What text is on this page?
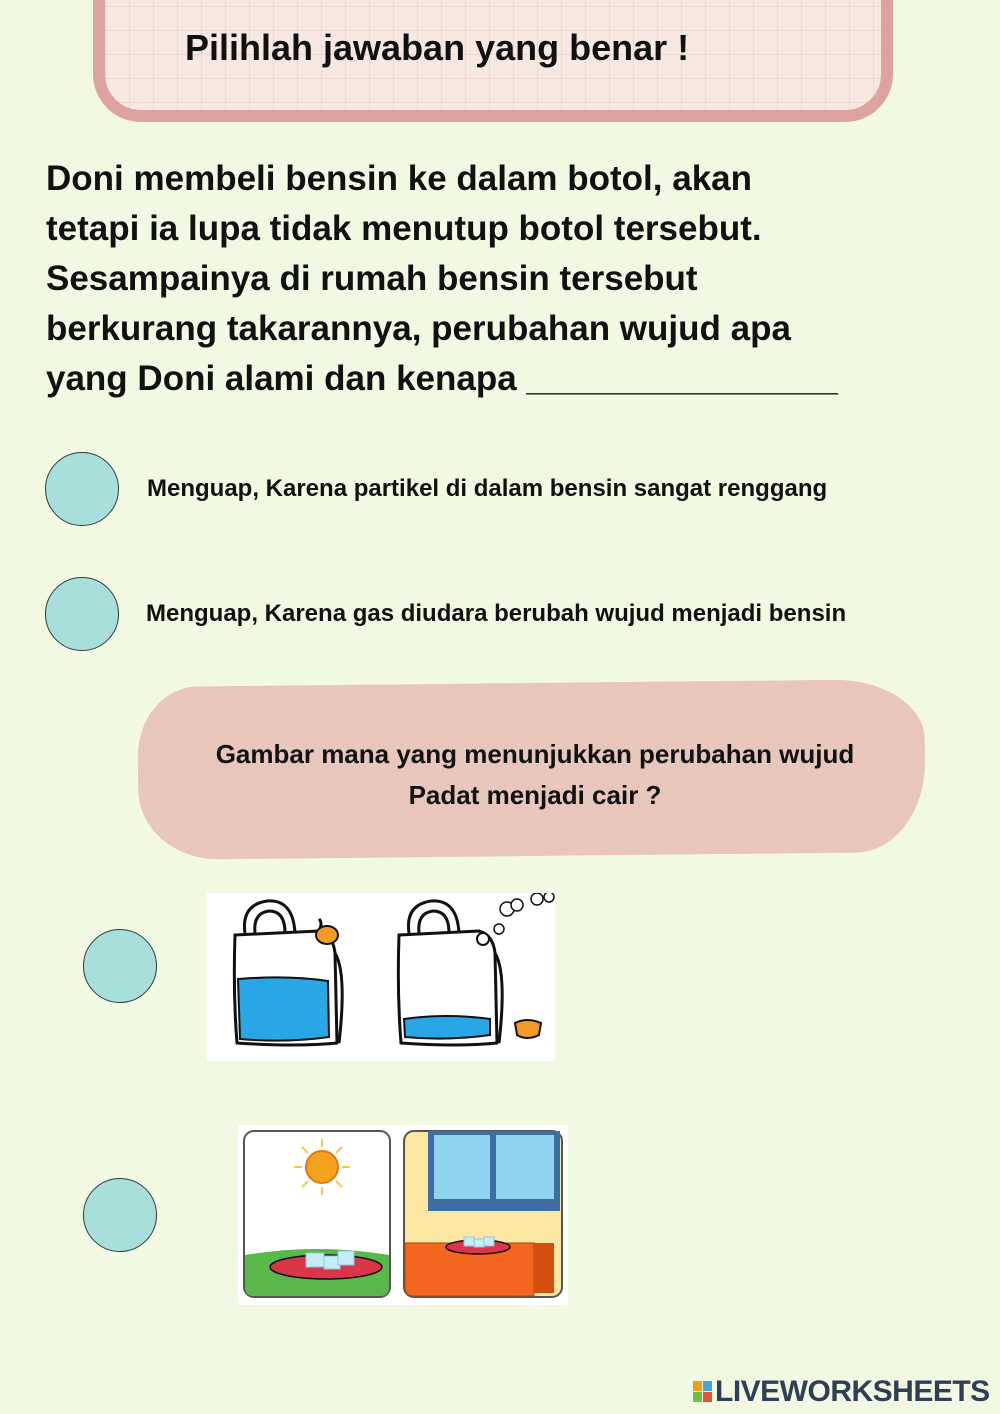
Pilihlah jawaban yang benar !
Doni membeli bensin ke dalam botol, akan
tetapi ia lupa tidak menutup botol tersebut.
Sesampainya di rumah bensin tersebut
berkurang takarannya, perubahan wujud apa
yang Doni alami dan kenapa ________________
Menguap, Karena partikel di dalam bensin sangat renggang
Menguap, Karena gas diudara berubah wujud menjadi bensin
Gambar mana yang menunjukkan perubahan wujud
Padat menjadi cair ?
LIVEWORKSHEETS
